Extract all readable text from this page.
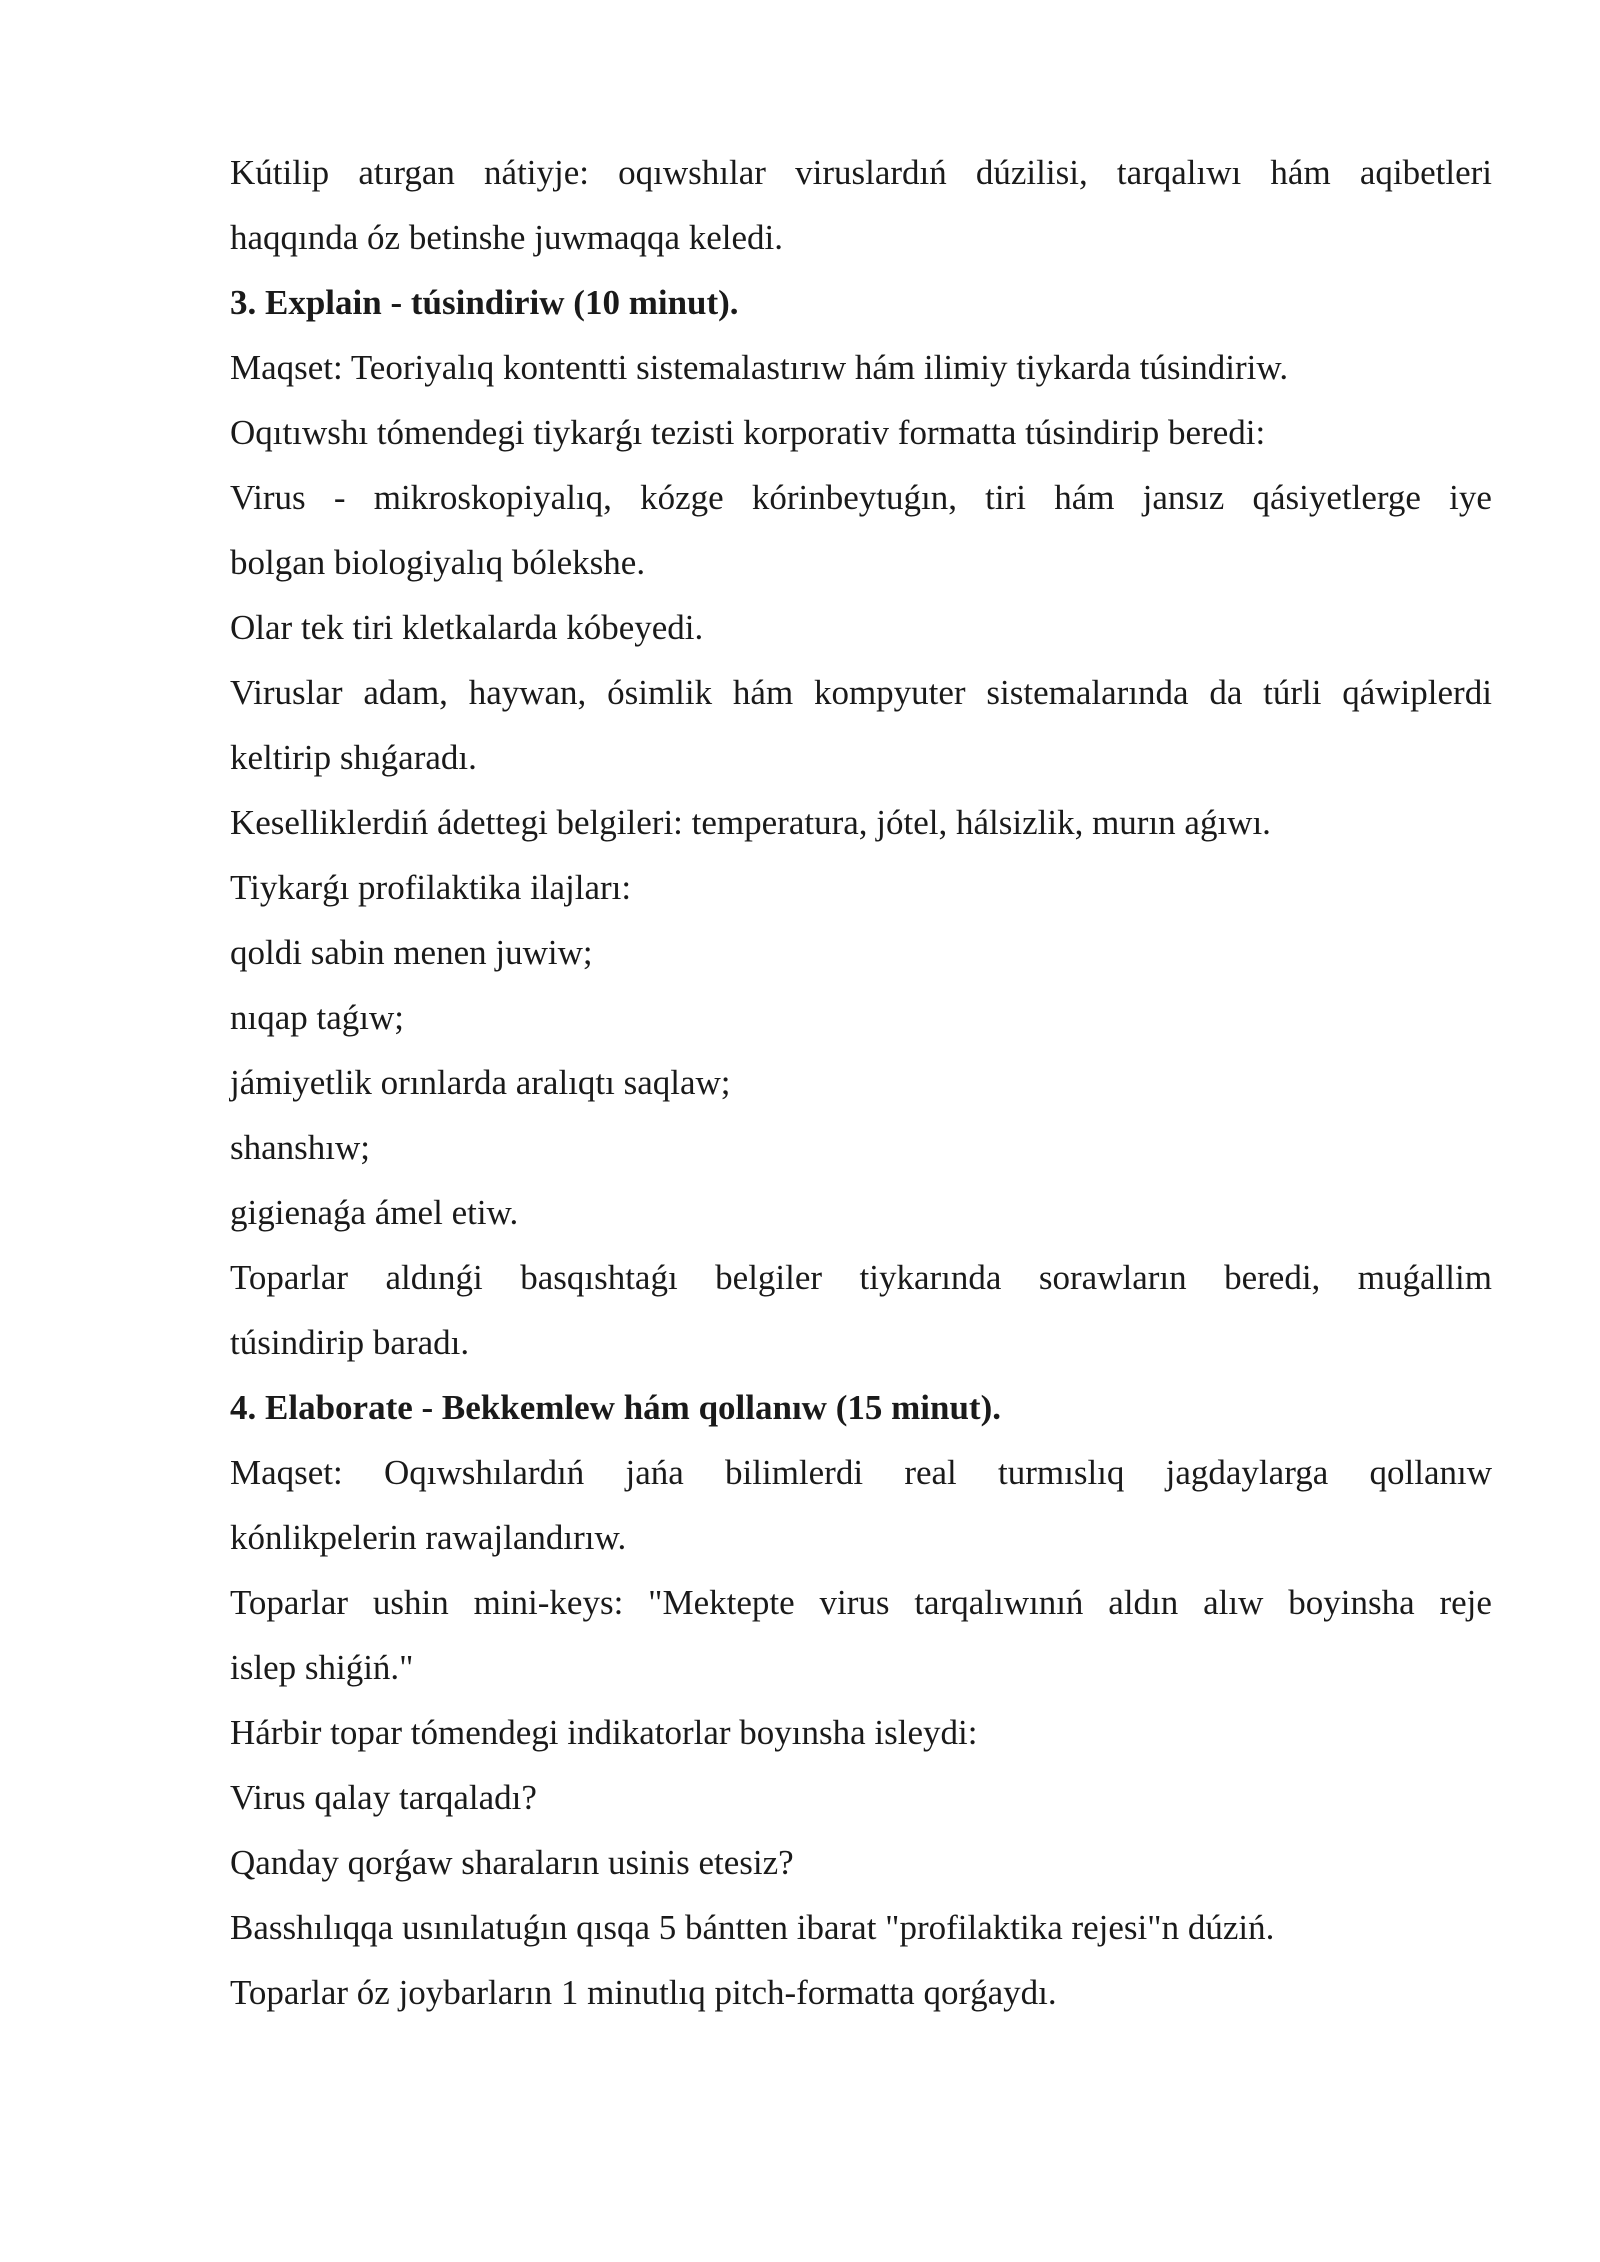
Kútilip atırgan nátiyje: oqıwshılar viruslardıń dúzilisi, tarqalıwı hám aqibetleri
haqqında óz betinshe juwmaqqa keledi.
3. Explain - túsindiriw (10 minut).
Maqset: Teoriyalıq kontentti sistemalastırıw hám ilimiy tiykarda túsindiriw.
Oqıtıwshı tómendegi tiykarǵı tezisti korporativ formatta túsindirip beredi:
Virus - mikroskopiyalıq, kózge kórinbeytuǵın, tiri hám jansız qásiyetlerge iye
bolgan biologiyalıq bólekshe.
Olar tek tiri kletkalarda kóbeyedi.
Viruslar adam, haywan, ósimlik hám kompyuter sistemalarında da túrli qáwiplerdi
keltirip shıǵaradı.
Keselliklerdiń ádettegi belgileri: temperatura, jótel, hálsizlik, murın aǵıwı.
Tiykarǵı profilaktika ilajları:
qoldi sabin menen juwiw;
nıqap taǵıw;
jámiyetlik orınlarda aralıqtı saqlaw;
shanshıw;
gigienaǵa ámel etiw.
Toparlar aldınǵi basqıshtaǵı belgiler tiykarında sorawların beredi, muǵallim
túsindirip baradı.
4. Elaborate - Bekkemlew hám qollanıw (15 minut).
Maqset: Oqıwshılardıń jańa bilimlerdi real turmıslıq jagdaylarga qollanıw
kónlikpelerin rawajlandırıw.
Toparlar ushin mini-keys: "Mektepte virus tarqalıwınıń aldın alıw boyinsha reje
islep shiǵiń."
Hárbir topar tómendegi indikatorlar boyınsha isleydi:
Virus qalay tarqaladı?
Qanday qorǵaw sharaların usinis etesiz?
Basshılıqqa usınılatuǵın qısqa 5 bántten ibarat "profilaktika rejesi"n dúziń.
Toparlar óz joybarların 1 minutlıq pitch-formatta qorǵaydı.
